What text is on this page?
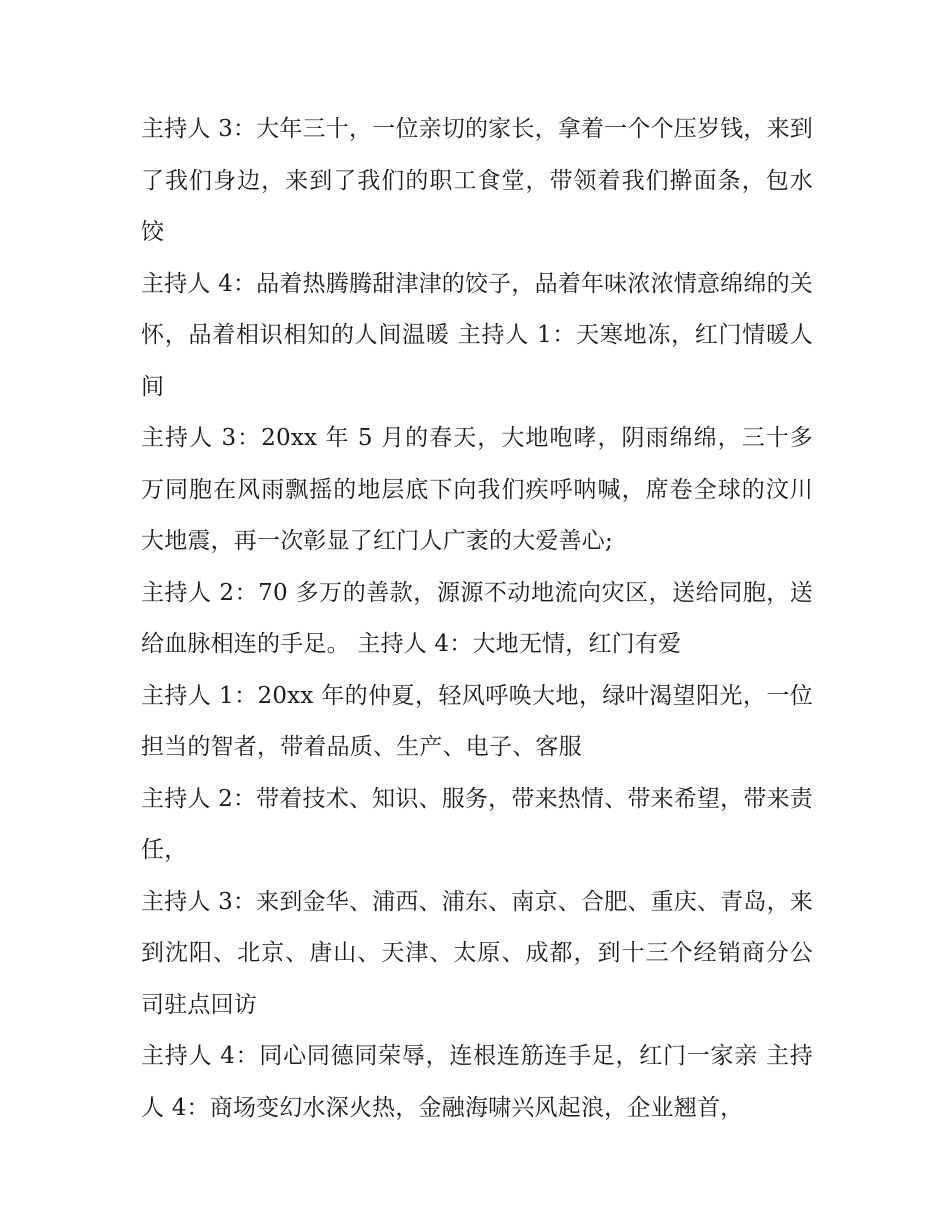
主持人 3：大年三十，一位亲切的家长，拿着一个个压岁钱，来到了我们身边，来到了我们的职工食堂，带领着我们擀面条，包水饺

主持人 4：品着热腾腾甜津津的饺子，品着年味浓浓情意绵绵的关怀，品着相识相知的人间温暖 主持人 1：天寒地冻，红门情暖人间

主持人 3：20xx 年 5 月的春天，大地咆哮，阴雨绵绵，三十多万同胞在风雨飘摇的地层底下向我们疾呼呐喊，席卷全球的汶川大地震，再一次彰显了红门人广袤的大爱善心;

主持人 2：70 多万的善款，源源不动地流向灾区，送给同胞，送给血脉相连的手足。 主持人 4：大地无情，红门有爱

主持人 1：20xx 年的仲夏，轻风呼唤大地，绿叶渴望阳光，一位担当的智者，带着品质、生产、电子、客服

主持人 2：带着技术、知识、服务，带来热情、带来希望，带来责任，

主持人 3：来到金华、浦西、浦东、南京、合肥、重庆、青岛，来到沈阳、北京、唐山、天津、太原、成都，到十三个经销商分公司驻点回访

主持人 4：同心同德同荣辱，连根连筋连手足，红门一家亲 主持人 4：商场变幻水深火热，金融海啸兴风起浪，企业翘首，
